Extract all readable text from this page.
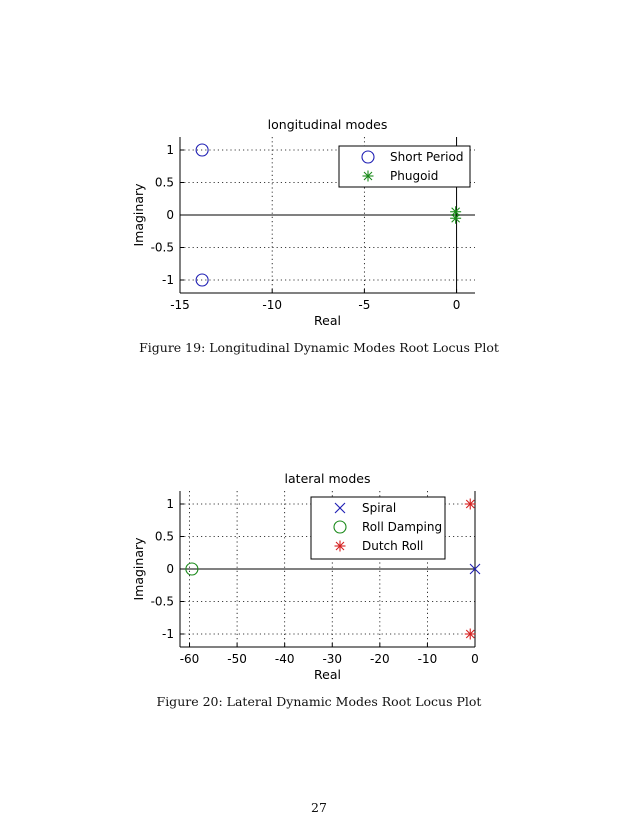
-15	-10	-5	0
-1
-0.5
0
0.5
1
longitudinal modes
Real
Imaginary
Short Period
Phugoid
-60 -50 -40 -30 -20 -10	0
-1
-0.5
0
0.5
1
lateral modes
Real
Imaginary
Spiral
Roll Damping
Dutch Roll
Figure 19: Longitudinal Dynamic Modes Root Locus Plot
Figure 20: Lateral Dynamic Modes Root Locus Plot
27
